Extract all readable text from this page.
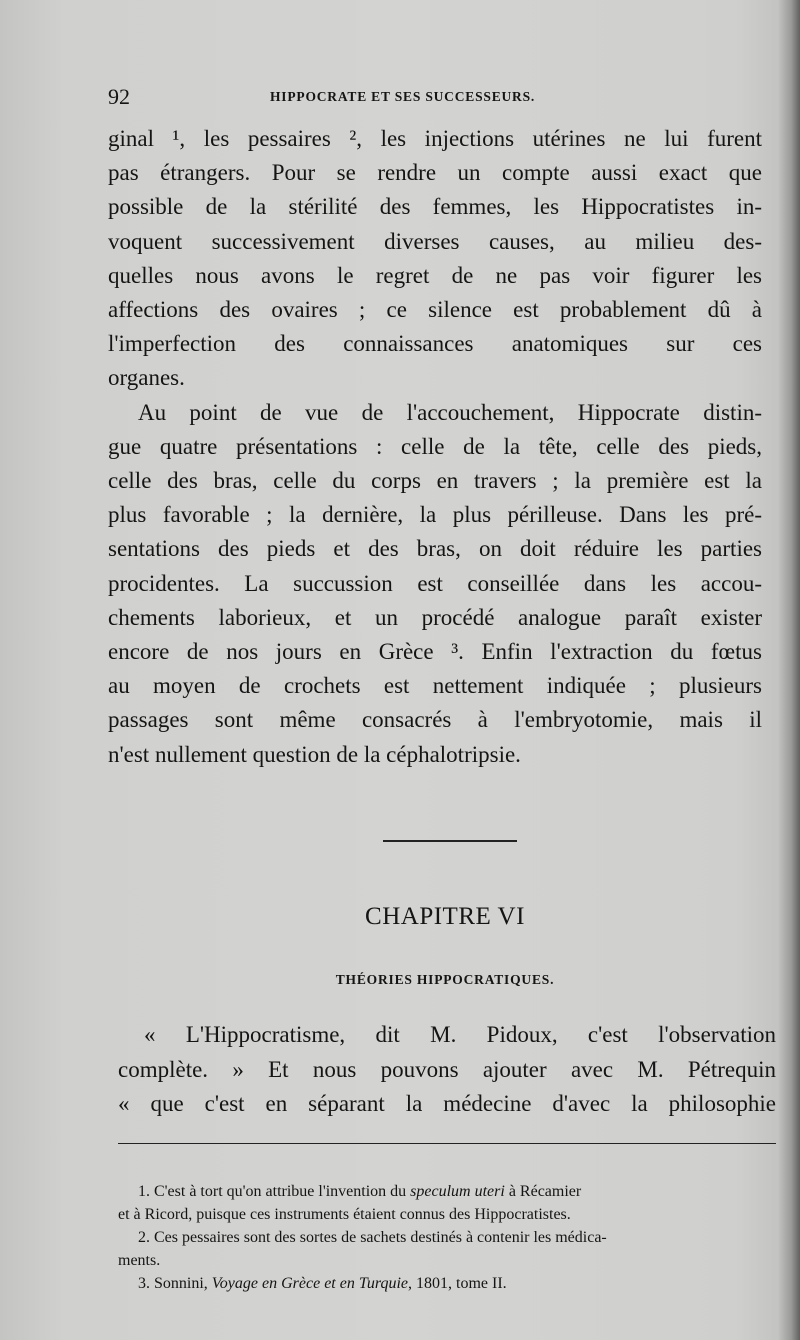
92	HIPPOCRATE ET SES SUCCESSEURS.

ginal ¹, les pessaires ², les injections utérines ne lui furent
pas étrangers. Pour se rendre un compte aussi exact que
possible de la stérilité des femmes, les Hippocratistes in-
voquent successivement diverses causes, au milieu des-
quelles nous avons le regret de ne pas voir figurer les
affections des ovaires ; ce silence est probablement dû à
l'imperfection des connaissances anatomiques sur ces
organes.

Au point de vue de l'accouchement, Hippocrate distin-
gue quatre présentations : celle de la tête, celle des pieds,
celle des bras, celle du corps en travers ; la première est la
plus favorable ; la dernière, la plus périlleuse. Dans les pré-
sentations des pieds et des bras, on doit réduire les parties
procidentes. La succussion est conseillée dans les accou-
chements laborieux, et un procédé analogue paraît exister
encore de nos jours en Grèce ³. Enfin l'extraction du fœtus
au moyen de crochets est nettement indiquée ; plusieurs
passages sont même consacrés à l'embryotomie, mais il
n'est nullement question de la céphalotripsie.

CHAPITRE VI
THÉORIES HIPPOCRATIQUES.
« L'Hippocratisme, dit M. Pidoux, c'est l'observation
complète. » Et nous pouvons ajouter avec M. Pétrequin
« que c'est en séparant la médecine d'avec la philosophie
1. C'est à tort qu'on attribue l'invention du speculum uteri à Récamier
et à Ricord, puisque ces instruments étaient connus des Hippocratistes.
2. Ces pessaires sont des sortes de sachets destinés à contenir les médica-
ments.
3. Sonnini, Voyage en Grèce et en Turquie, 1801, tome II.
